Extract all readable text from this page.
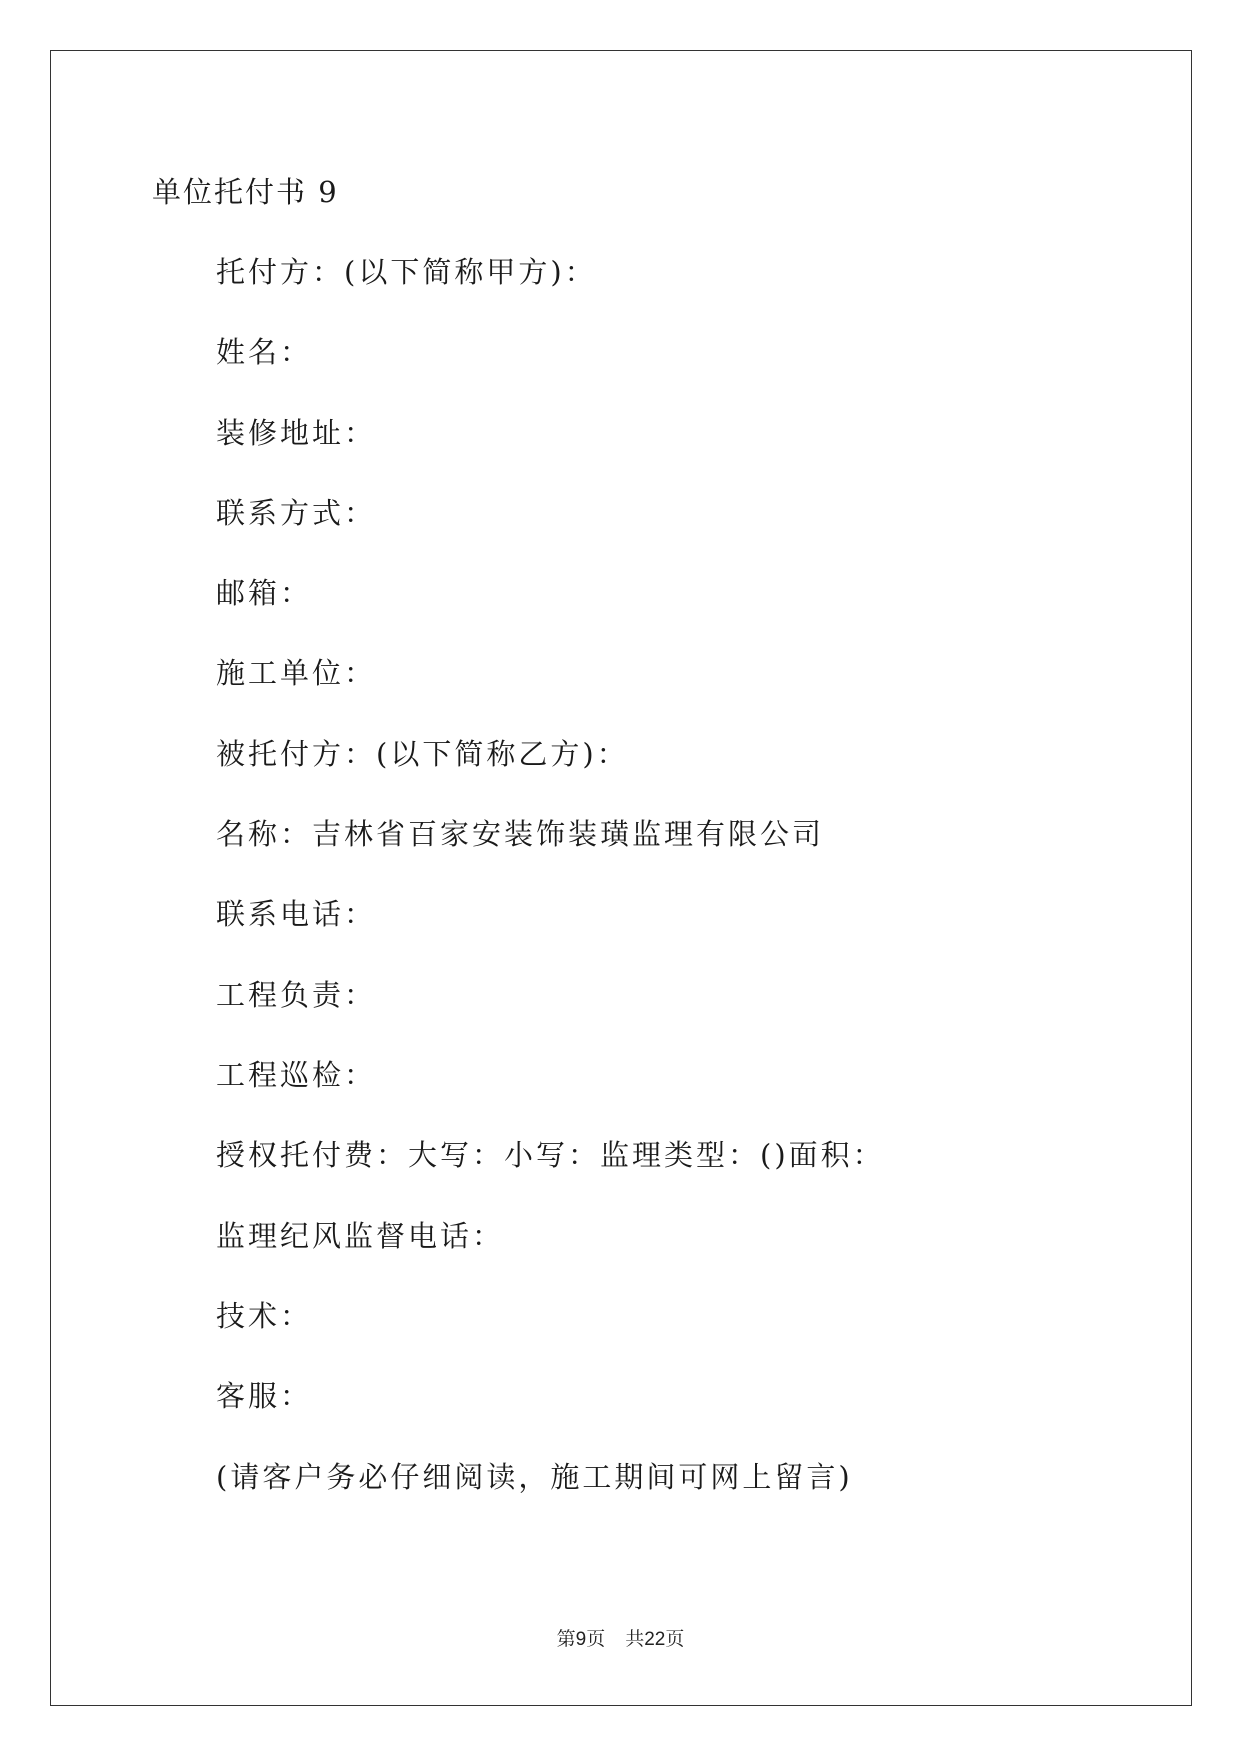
单位托付书 9
托付方：(以下简称甲方)：
姓名：
装修地址：
联系方式：
邮箱：
施工单位：
被托付方：(以下简称乙方)：
名称：吉林省百家安装饰装璜监理有限公司
联系电话：
工程负责：
工程巡检：
授权托付费：大写：小写：监理类型：()面积：
监理纪风监督电话：
技术：
客服：
(请客户务必仔细阅读，施工期间可网上留言)
第9页 共22页
